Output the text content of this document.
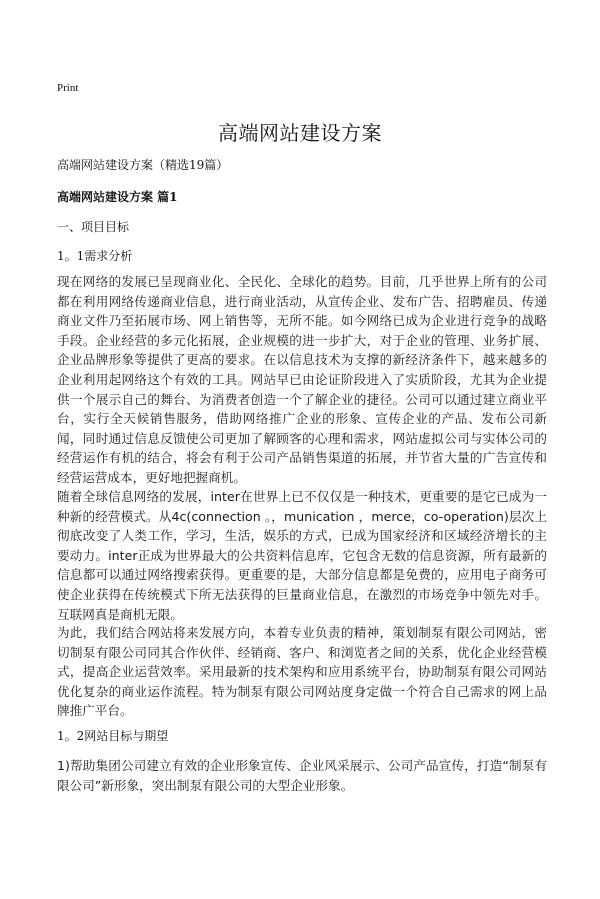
Print
高端网站建设方案
高端网站建设方案（精选19篇）
高端网站建设方案 篇1
一、项目目标
1。1需求分析

现在网络的发展已呈现商业化、全民化、全球化的趋势。目前，几乎世界上所有的公司都在利用网络传递商业信息，进行商业活动，从宣传企业、发布广告、招聘雇员、传递商业文件乃至拓展市场、网上销售等，无所不能。如今网络已成为企业进行竞争的战略手段。企业经营的多元化拓展，企业规模的进一步扩大，对于企业的管理、业务扩展、企业品牌形象等提供了更高的要求。在以信息技术为支撑的新经济条件下，越来越多的企业利用起网络这个有效的工具。网站早已由论证阶段进入了实质阶段，尤其为企业提供一个展示自己的舞台、为消费者创造一个了解企业的捷径。公司可以通过建立商业平台，实行全天候销售服务，借助网络推广企业的形象、宣传企业的产品、发布公司新闻，同时通过信息反馈使公司更加了解顾客的心理和需求，网站虚拟公司与实体公司的经营运作有机的结合，将会有利于公司产品销售渠道的拓展，并节省大量的广告宣传和经营运营成本，更好地把握商机。

随着全球信息网络的发展，inter在世界上已不仅仅是一种技术，更重要的是它已成为一种新的经营模式。从4c(connection 。，munication ，merce，co-operation)层次上彻底改变了人类工作，学习，生活，娱乐的方式，已成为国家经济和区域经济增长的主要动力。inter正成为世界最大的公共资料信息库，它包含无数的信息资源，所有最新的信息都可以通过网络搜索获得。更重要的是，大部分信息都是免费的，应用电子商务可使企业获得在传统模式下所无法获得的巨量商业信息，在激烈的市场竞争中领先对手。互联网真是商机无限。

为此，我们结合网站将来发展方向，本着专业负责的精神，策划制泵有限公司网站，密切制泵有限公司同其合作伙伴、经销商、客户、和浏览者之间的关系，优化企业经营模式，提高企业运营效率。采用最新的技术架构和应用系统平台，协助制泵有限公司网站优化复杂的商业运作流程。特为制泵有限公司网站度身定做一个符合自己需求的网上品牌推广平台。

1。2网站目标与期望

1)帮助集团公司建立有效的企业形象宣传、企业风采展示、公司产品宣传，打造“制泵有限公司”新形象，突出制泵有限公司的大型企业形象。
